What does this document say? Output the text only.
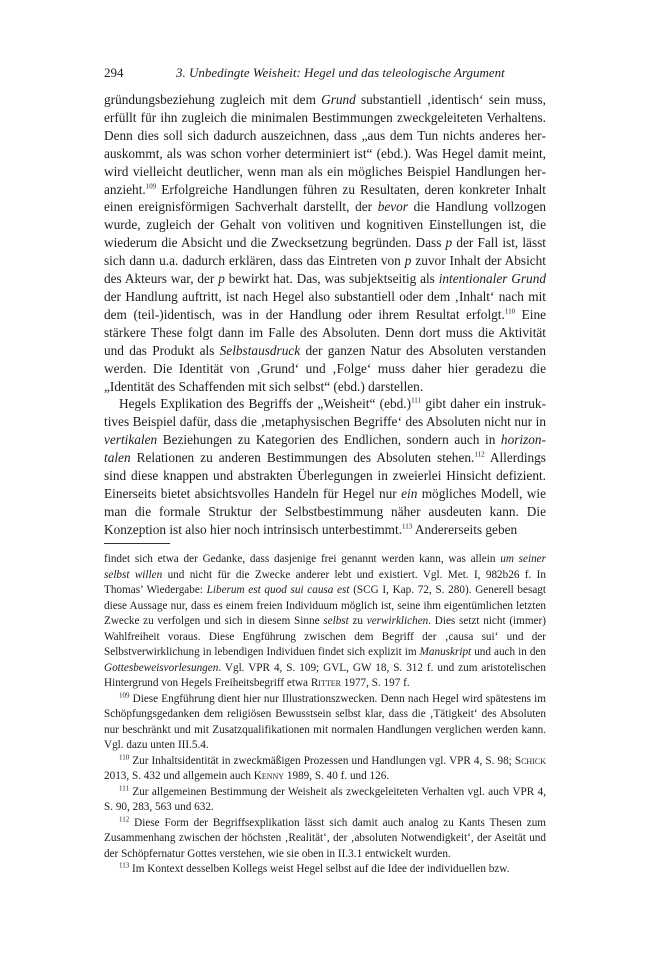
294	3. Unbedingte Weisheit: Hegel und das teleologische Argument

gründungsbeziehung zugleich mit dem Grund substantiell ‚identisch‘ sein muss, erfüllt für ihn zugleich die minimalen Bestimmungen zweckgeleiteten Verhaltens. Denn dies soll sich dadurch auszeichnen, dass „aus dem Tun nichts anderes herauskommt, als was schon vorher determiniert ist“ (ebd.). Was Hegel damit meint, wird vielleicht deutlicher, wenn man als ein mögliches Beispiel Handlungen heranzieht.$^{109}$ Erfolgreiche Handlungen führen zu Resultaten, deren konkreter Inhalt einen ereignisförmigen Sachverhalt darstellt, der bevor die Handlung vollzogen wurde, zugleich der Gehalt von volitiven und kognitiven Einstellungen ist, die wiederum die Absicht und die Zwecksetzung begründen. Dass p der Fall ist, lässt sich dann u.a. dadurch erklären, dass das Eintreten von p zuvor Inhalt der Absicht des Akteurs war, der p bewirkt hat. Das, was subjektseitig als intentionaler Grund der Handlung auftritt, ist nach Hegel also substantiell oder dem ‚Inhalt‘ nach mit dem (teil-)identisch, was in der Handlung oder ihrem Resultat erfolgt.$^{110}$ Eine stärkere These folgt dann im Falle des Absoluten. Denn dort muss die Aktivität und das Produkt als Selbstausdruck der ganzen Natur des Absoluten verstanden werden. Die Identität von ‚Grund‘ und ‚Folge‘ muss daher hier geradezu die „Identität des Schaffenden mit sich selbst“ (ebd.) darstellen.

Hegels Explikation des Begriffs der „Weisheit“ $(ebd.)^{111}$ gibt daher ein instruktives Beispiel dafür, dass die ‚metaphysischen Begriffe‘ des Absoluten nicht nur in vertikalen Beziehungen zu Kategorien des Endlichen, sondern auch in horizontalen Relationen zu anderen Bestimmungen des Absoluten stehen.$^{112}$ Allerdings sind diese knappen und abstrakten Überlegungen in zweierlei Hinsicht defizient. Einerseits bietet absichtsvolles Handeln für Hegel nur ein mögliches Modell, wie man die formale Struktur der Selbstbestimmung näher ausdeuten kann. Die Konzeption ist also hier noch intrinsisch unterbestimmt.$^{113}$ Andererseits geben

findet sich etwa der Gedanke, dass dasjenige frei genannt werden kann, was allein um seiner selbst willen und nicht für die Zwecke anderer lebt und existiert. Vgl. Met. I, 982b26 f. In Thomas’ Wiedergabe: Liberum est quod sui causa est (SCG I, Kap. 72, S. 280). Generell besagt diese Aussage nur, dass es einem freien Individuum möglich ist, seine ihm eigentümlichen letzten Zwecke zu verfolgen und sich in diesem Sinne selbst zu verwirklichen. Dies setzt nicht (immer) Wahlfreiheit voraus. Diese Engführung zwischen dem Begriff der ‚causa sui‘ und der Selbstverwirklichung in lebendigen Individuen findet sich explizit im Manuskript und auch in den Gottesbeweisvorlesungen. Vgl. VPR 4, S. 109; GVL, GW 18, S. 312 f. und zum aristotelischen Hintergrund von Hegels Freiheitsbegriff etwa Ritter 1977, S. 197 f.

$^{109}$ Diese Engführung dient hier nur Illustrationszwecken. Denn nach Hegel wird spätestens im Schöpfungsgedanken dem religiösen Bewusstsein selbst klar, dass die ‚Tätigkeit‘ des Absoluten nur beschränkt und mit Zusatzqualifikationen mit normalen Handlungen verglichen werden kann. Vgl. dazu unten III.5.4.

$^{110}$ Zur Inhaltsidentität in zweckmäßigen Prozessen und Handlungen vgl. VPR 4, S. 98; Schick 2013, S. 432 und allgemein auch Kenny 1989, S. 40 f. und 126.

$^{111}$ Zur allgemeinen Bestimmung der Weisheit als zweckgeleiteten Verhalten vgl. auch VPR 4, S. 90, 283, 563 und 632.

$^{112}$ Diese Form der Begriffsexplikation lässt sich damit auch analog zu Kants Thesen zum Zusammenhang zwischen der höchsten ‚Realität‘, der ‚absoluten Notwendigkeit‘, der Aseität und der Schöpfernatur Gottes verstehen, wie sie oben in II.3.1 entwickelt wurden.

$^{113}$ Im Kontext desselben Kollegs weist Hegel selbst auf die Idee der individuellen bzw.
